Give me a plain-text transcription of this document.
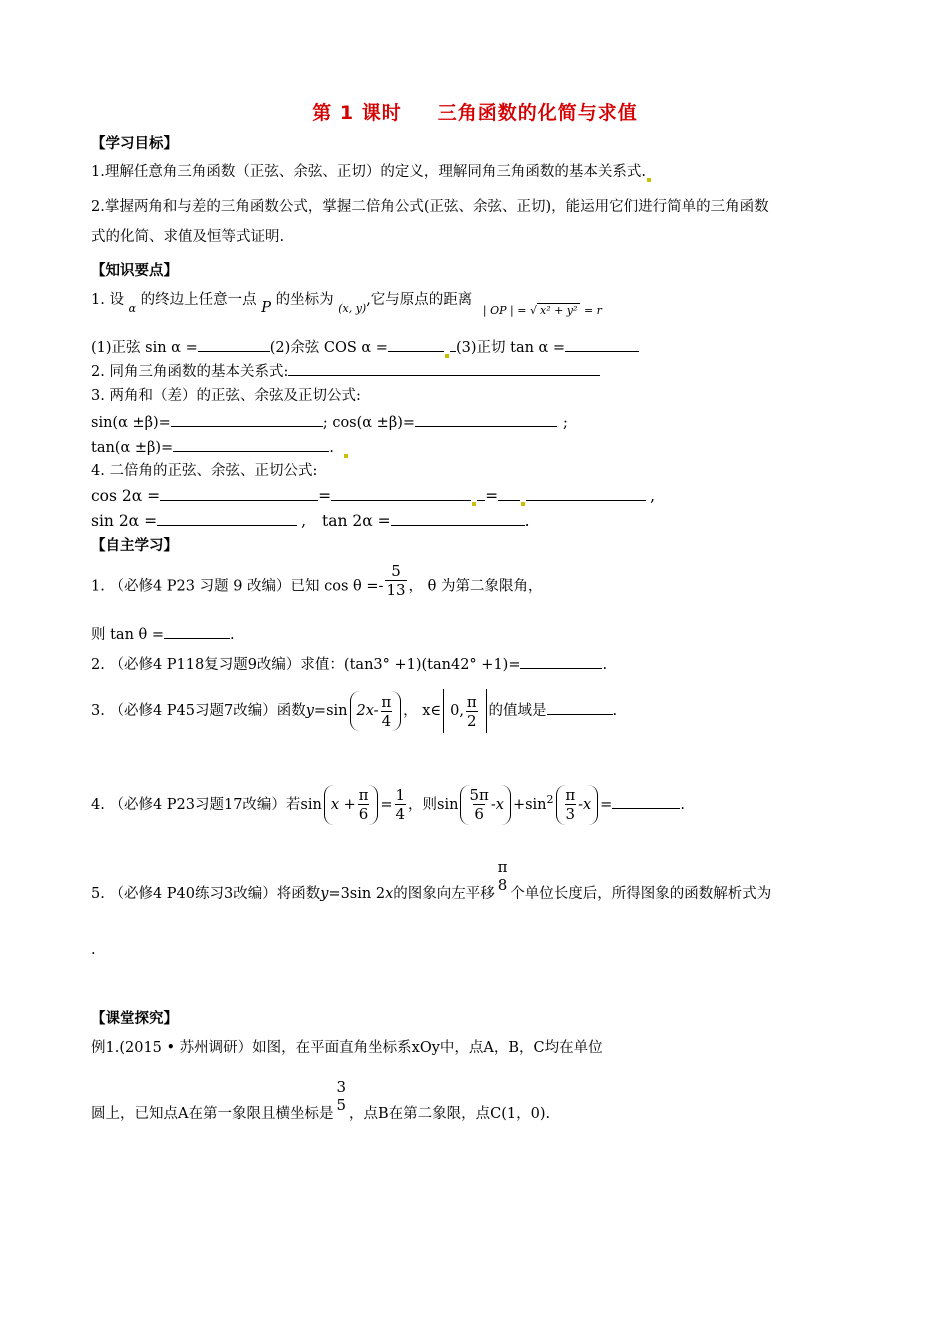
第 1 课时 三角函数的化简与求值
【学习目标】
1.理解任意角三角函数（正弦、余弦、正切）的定义，理解同角三角函数的基本关系式.
2.掌握两角和与差的三角函数公式，掌握二倍角公式(正弦、余弦、正切)，能运用它们进行简单的三角函数
式的化简、求值及恒等式证明.
【知识要点】
1. 设 $_\alpha$ 的终边上任意一点 P 的坐标为 $_{(x, y)}$,它与原点的距离 $_{| OP | = √ x^2 + y^2 = r}$
(1)正弦 sin α =	(2)余弦 COS α =	(3)正切 tan α =
2. 同角三角函数的基本关系式:
3. 两角和（差）的正弦、余弦及正切公式:
sin(α ±β)=	; cos(α ±β)=	;
tan(α ±β)=	.
4. 二倍角的正弦、余弦、正切公式:
cos 2α =	=	=	,
sin 2α =	, tan 2α =	.
【自主学习】
1. （必修4 P23 习题 9 改编）已知 $\cos \theta =- \frac{5}{13}$ ， θ 为第二象限角，
则 tan θ =	.
2. （必修4 P118复习题9改编）求值：(tan3° +1)(tan42° +1)=	.
3. （必修4 P45习题7改编）函数y=sin $2x- \frac{\pi}{4}$ ， x∈ 0, $\frac{\pi}{2}$ 的值域是	.
4. （必修4 P23习题17改编）若$\sin x + \frac{\pi}{6} = \frac{1}{4}$ ，则$\sin \frac{5\pi}{6} -x +\sin^2 \frac{\pi}{3} -x$ =	.
5. （必修4 P40练习3改编）将函数y=3sin 2x的图象向左平移
π
8 个单位长度后，所得图象的函数解析式为
.
【课堂探究】
例1.(2015 • 苏州调研）如图，在平面直角坐标系xOy中，点A，B，C均在单位
圆上，已知点A在第一象限且横坐标是
3
5 ，点B在第二象限，点C(1，0).
